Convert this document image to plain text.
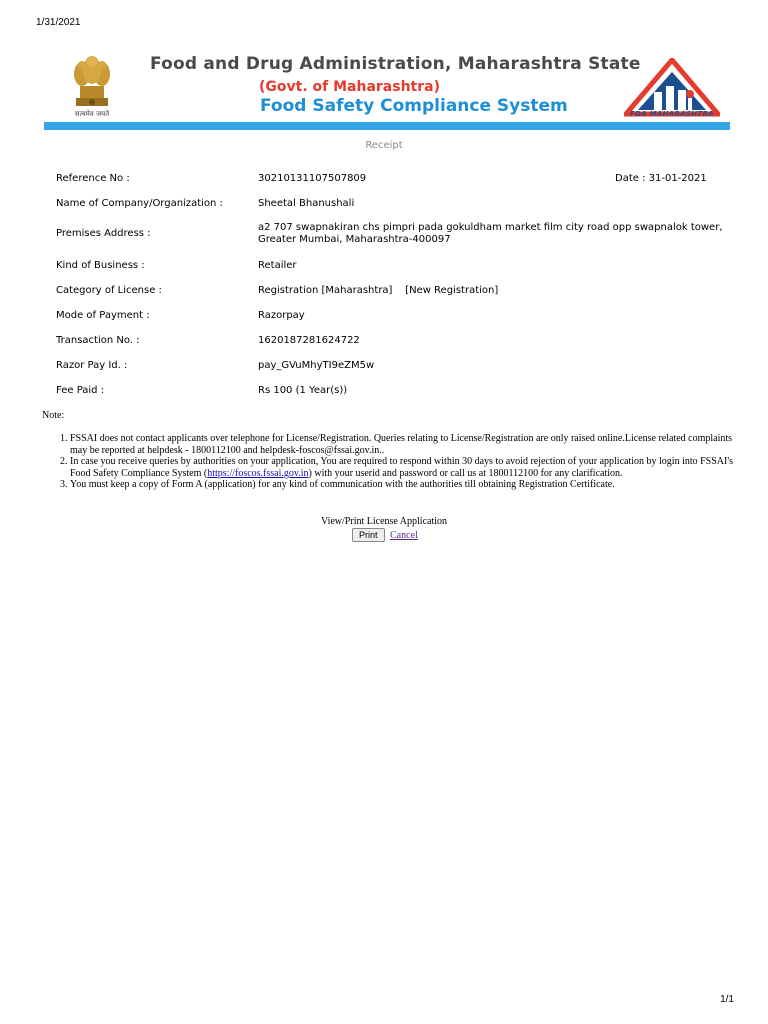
1/31/2021
सत्यमेव जयते
Food and Drug Administration, Maharashtra State
(Govt. of Maharashtra)
Food Safety Compliance System	FDA MAHARASHTRA
Receipt
Reference No :	30210131107507809	Date : 31-01-2021
Name of Company/Organization :	Sheetal Bhanushali
Premises Address :
a2 707 swapnakiran chs pimpri pada gokuldham market film city road opp swapnalok tower, Greater Mumbai, Maharashtra-400097
Kind of Business :	Retailer
Category of License :	Registration [Maharashtra]    [New Registration]
Mode of Payment :	Razorpay
Transaction No. :	1620187281624722
Razor Pay Id. :	pay_GVuMhyTI9eZM5w
Fee Paid :	Rs 100 (1 Year(s))
Note:
1. FSSAI does not contact applicants over telephone for License/Registration. Queries relating to License/Registration are only raised online.License related complaints may be reported at helpdesk - 1800112100 and helpdesk-foscos@fssai.gov.in..
2. In case you receive queries by authorities on your application, You are required to respond within 30 days to avoid rejection of your application by login into FSSAI's Food Safety Compliance System (https://foscos.fssai.gov.in) with your userid and password or call us at 1800112100 for any clarification.
3. You must keep a copy of Form A (application) for any kind of communication with the authorities till obtaining Registration Certificate.
View/Print License Application
Print Cancel
1/1
